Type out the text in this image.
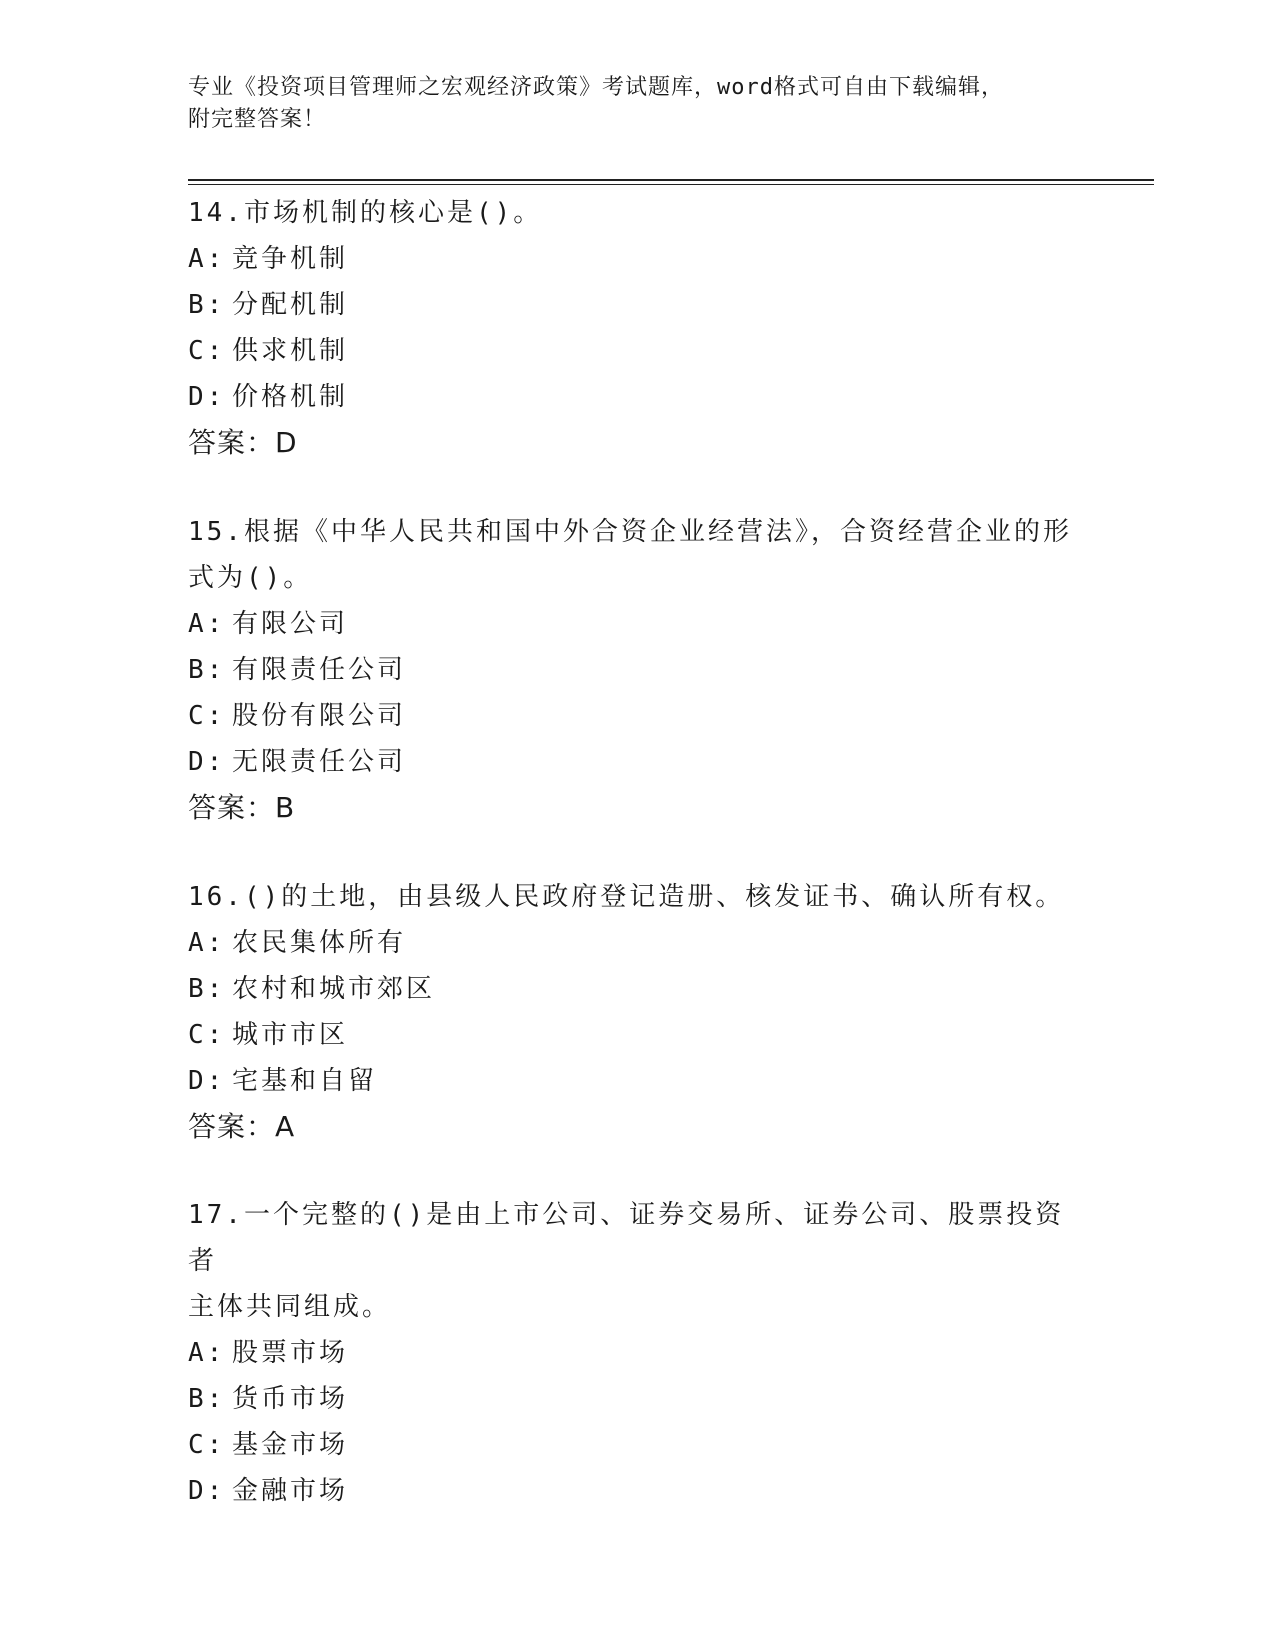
专业《投资项目管理师之宏观经济政策》考试题库，word格式可自由下载编辑，
附完整答案！

14.市场机制的核心是()。

A: 竞争机制
B: 分配机制
C: 供求机制
D: 价格机制
答案：D

15.根据《中华人民共和国中外合资企业经营法》，合资经营企业的形
式为()。

A: 有限公司
B: 有限责任公司
C: 股份有限公司
D: 无限责任公司
答案：B

16.()的土地，由县级人民政府登记造册、核发证书、确认所有权。

A: 农民集体所有
B: 农村和城市郊区
C: 城市市区
D: 宅基和自留
答案：A

17.一个完整的()是由上市公司、证券交易所、证券公司、股票投资者
主体共同组成。

A: 股票市场
B: 货币市场
C: 基金市场
D: 金融市场
